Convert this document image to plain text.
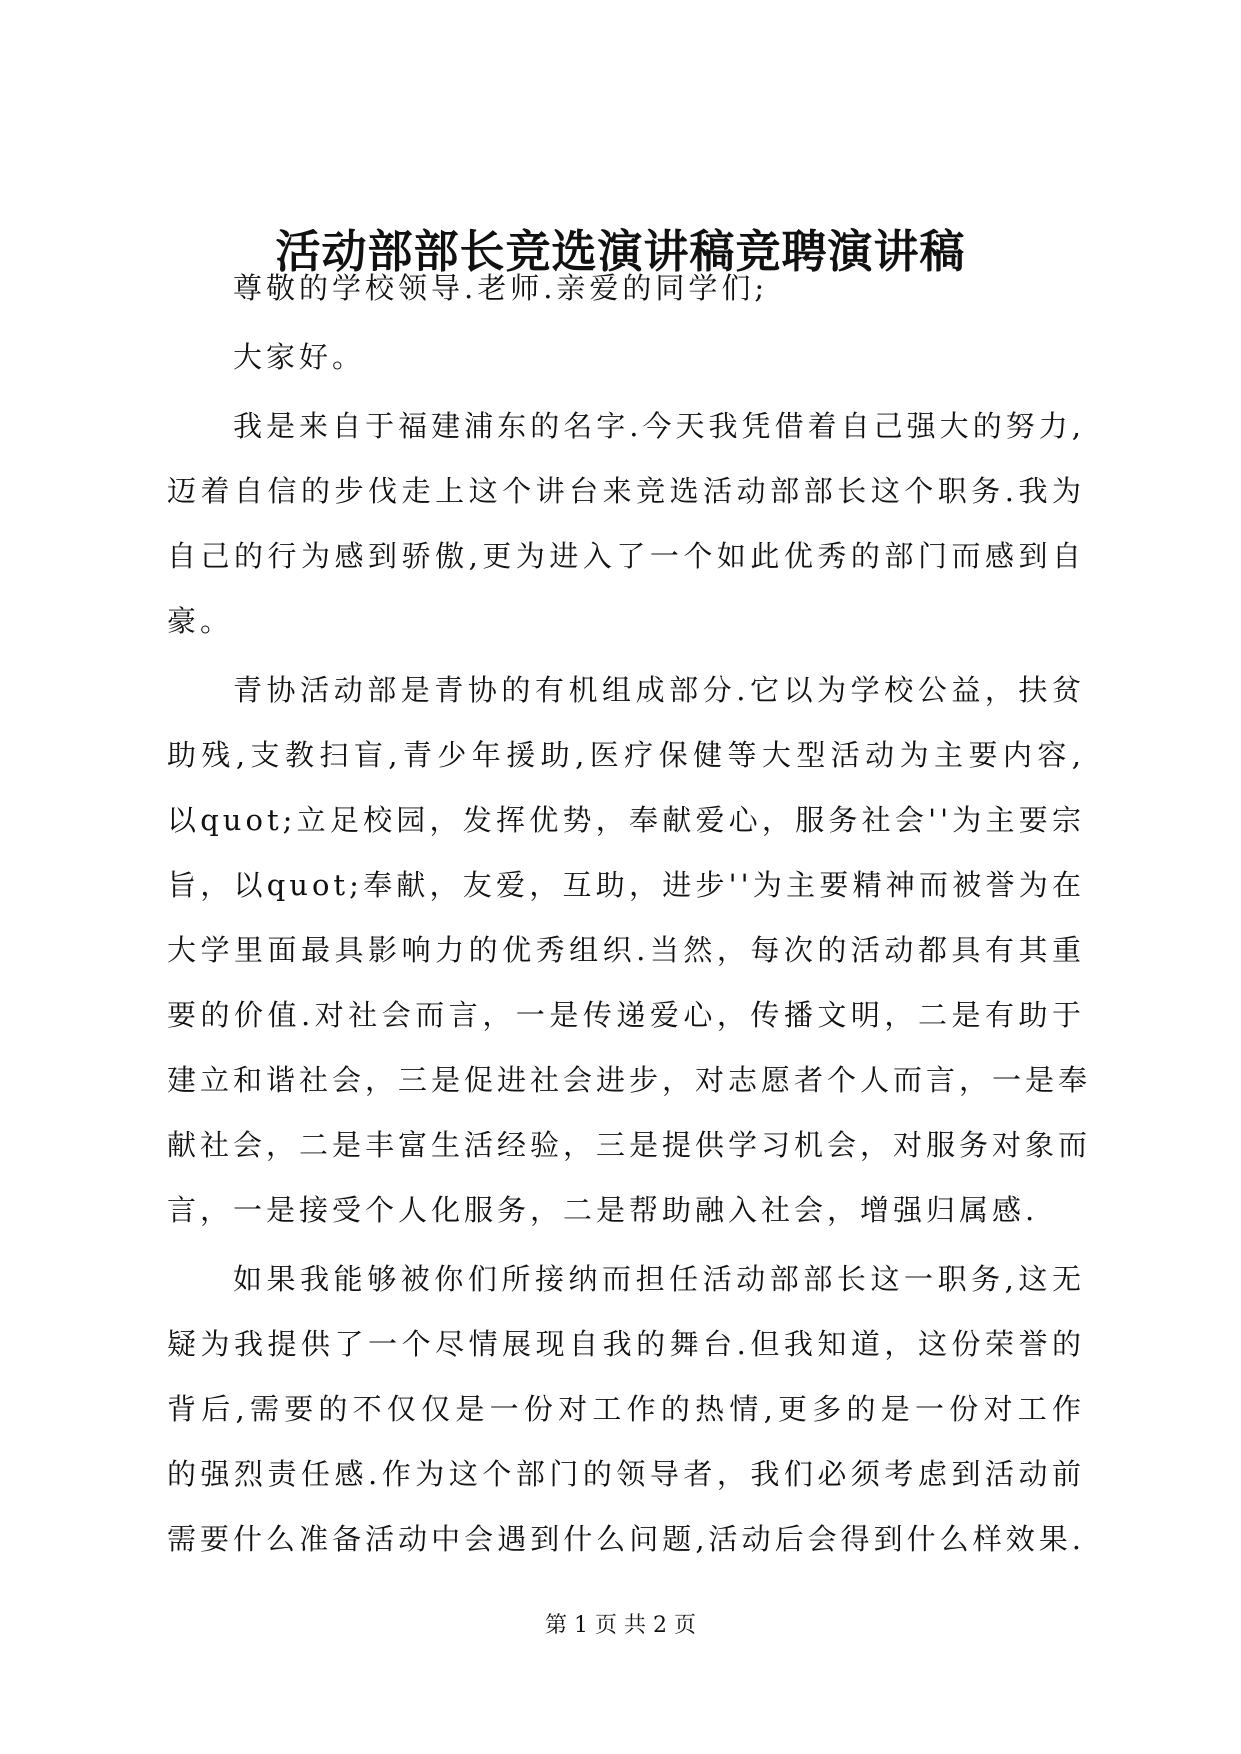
活动部部长竞选演讲稿竞聘演讲稿

尊敬的学校领导.老师.亲爱的同学们;

大家好。

我是来自于福建浦东的名字.今天我凭借着自己强大的努力,
迈着自信的步伐走上这个讲台来竞选活动部部长这个职务.我为
自己的行为感到骄傲,更为进入了一个如此优秀的部门而感到自
豪。

青协活动部是青协的有机组成部分.它以为学校公益，扶贫
助残,支教扫盲,青少年援助,医疗保健等大型活动为主要内容,
以quot;立足校园，发挥优势，奉献爱心，服务社会''为主要宗
旨，以quot;奉献，友爱，互助，进步''为主要精神而被誉为在
大学里面最具影响力的优秀组织.当然，每次的活动都具有其重
要的价值.对社会而言，一是传递爱心，传播文明，二是有助于
建立和谐社会，三是促进社会进步，对志愿者个人而言，一是奉
献社会，二是丰富生活经验，三是提供学习机会，对服务对象而
言，一是接受个人化服务，二是帮助融入社会，增强归属感.

如果我能够被你们所接纳而担任活动部部长这一职务,这无
疑为我提供了一个尽情展现自我的舞台.但我知道，这份荣誉的
背后,需要的不仅仅是一份对工作的热情,更多的是一份对工作
的强烈责任感.作为这个部门的领导者，我们必须考虑到活动前
需要什么准备活动中会遇到什么问题,活动后会得到什么样效果.

第 1 页 共 2 页
